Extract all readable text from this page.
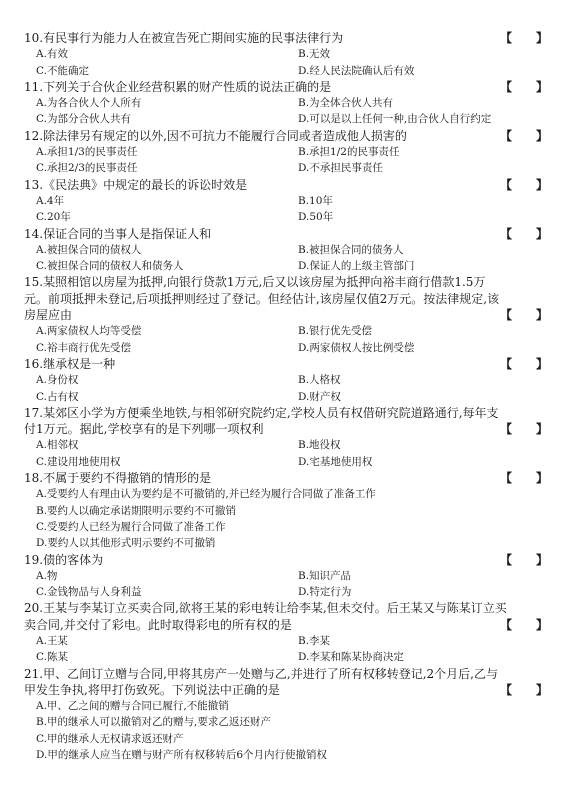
10.有民事行为能力人在被宣告死亡期间实施的民事法律行为	【　　】
A.有效	B.无效
C.不能确定	D.经人民法院确认后有效
11.下列关于合伙企业经营积累的财产性质的说法正确的是	【　　】
A.为各合伙人个人所有	B.为全体合伙人共有
C.为部分合伙人共有	D.可以是以上任何一种,由合伙人自行约定
12.除法律另有规定的以外,因不可抗力不能履行合同或者造成他人损害的	【　　】
A.承担1/3的民事责任	B.承担1/2的民事责任
C.承担2/3的民事责任	D.不承担民事责任
13.《民法典》中规定的最长的诉讼时效是	【　　】
A.4年	B.10年
C.20年	D.50年
14.保证合同的当事人是指保证人和	【　　】
A.被担保合同的债权人	B.被担保合同的债务人
C.被担保合同的债权人和债务人	D.保证人的上级主管部门
15.某照相馆以房屋为抵押,向银行贷款1万元,后又以该房屋为抵押向裕丰商行借款1.5万元。前项抵押未登记,后项抵押则经过了登记。但经估计,该房屋仅值2万元。按法律规定,该房屋应由	【　　】
A.两家债权人均等受偿	B.银行优先受偿
C.裕丰商行优先受偿	D.两家债权人按比例受偿
16.继承权是一种	【　　】
A.身份权	B.人格权
C.占有权	D.财产权
17.某郊区小学为方便乘坐地铁,与相邻研究院约定,学校人员有权借研究院道路通行,每年支付1万元。据此,学校享有的是下列哪一项权利	【　　】
A.相邻权	B.地役权
C.建设用地使用权	D.宅基地使用权
18.不属于要约不得撤销的情形的是	【　　】
A.受要约人有理由认为要约是不可撤销的,并已经为履行合同做了准备工作
B.要约人以确定承诺期限明示要约不可撤销
C.受要约人已经为履行合同做了准备工作
D.要约人以其他形式明示要约不可撤销
19.债的客体为	【　　】
A.物	B.知识产品
C.金钱物品与人身利益	D.特定行为
20.王某与李某订立买卖合同,欲将王某的彩电转让给李某,但未交付。后王某又与陈某订立买卖合同,并交付了彩电。此时取得彩电的所有权的是	【　　】
A.王某	B.李某
C.陈某	D.李某和陈某协商决定
21.甲、乙间订立赠与合同,甲将其房产一处赠与乙,并进行了所有权移转登记,2个月后,乙与甲发生争执,将甲打伤致死。下列说法中正确的是	【　　】
A.甲、乙之间的赠与合同已履行,不能撤销
B.甲的继承人可以撤销对乙的赠与,要求乙返还财产
C.甲的继承人无权请求返还财产
D.甲的继承人应当在赠与财产所有权移转后6个月内行使撤销权
